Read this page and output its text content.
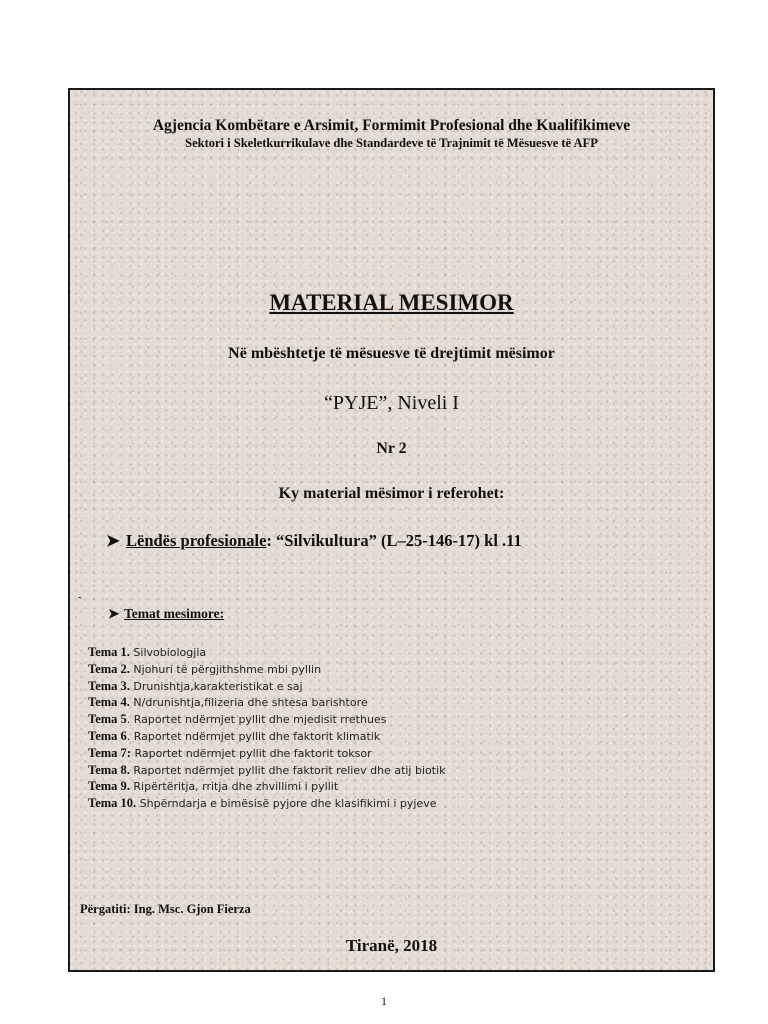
Agjencia Kombëtare e Arsimit, Formimit Profesional dhe Kualifikimeve
Sektori i Skeletkurrikulave dhe Standardeve të Trajnimit të Mësuesve të AFP
MATERIAL MESIMOR
Në mbështetje të mësuesve të drejtimit mësimor
“PYJE”, Niveli I
Nr 2
Ky material mësimor i referohet:
➤ Lëndës profesionale: “Silvikultura” (L–25-146-17) kl .11
-
➤ Temat mesimore:
Tema 1. Silvobiologjia
Tema 2. Njohuri të përgjithshme mbi pyllin
Tema 3. Drunishtja,karakteristikat e saj
Tema 4. N/drunishtja,filizeria dhe shtesa barishtore
Tema 5. Raportet ndërmjet pyllit dhe mjedisit rrethues
Tema 6. Raportet ndërmjet pyllit dhe faktorit klimatik
Tema 7: Raportet ndërmjet pyllit dhe faktorit toksor
Tema 8. Raportet ndërmjet pyllit dhe faktorit reliev dhe atij biotik
Tema 9. Ripërtëritja, rritja dhe zhvillimi i pyllit
Tema 10. Shpërndarja e bimësisë pyjore dhe klasifikimi i pyjeve
Përgatiti: Ing. Msc. Gjon Fierza
Tiranë, 2018
1
